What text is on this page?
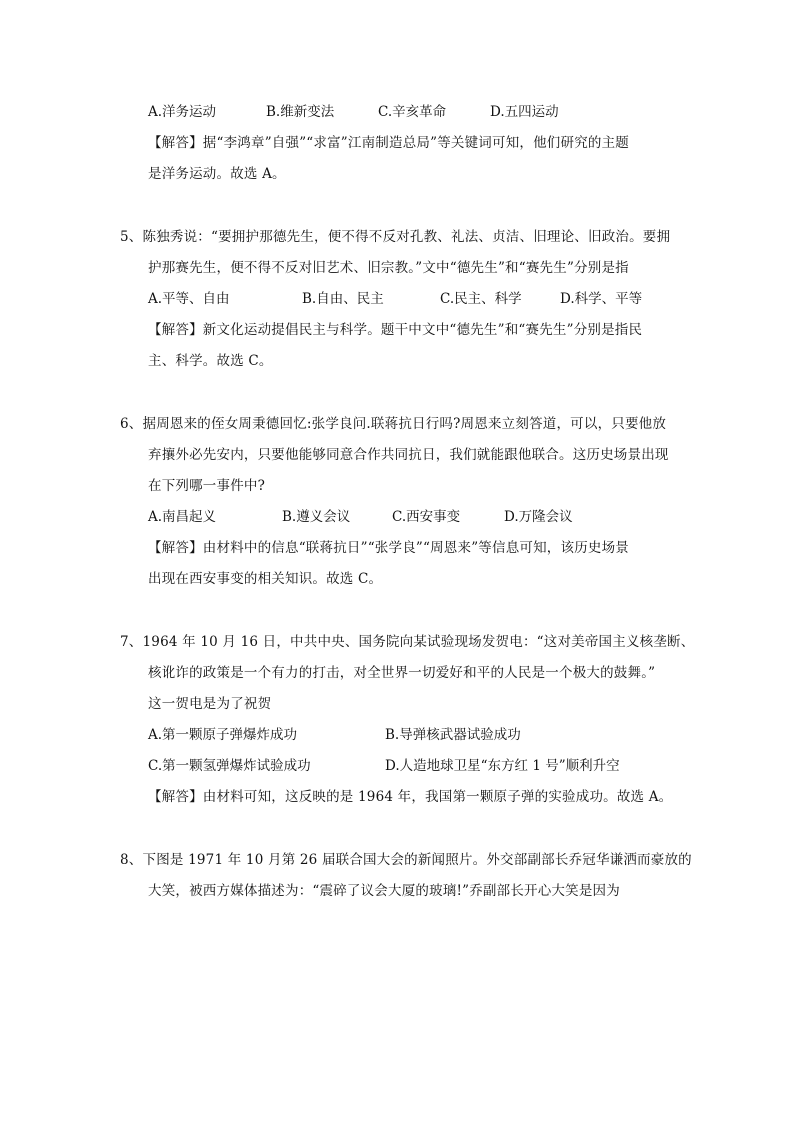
A.洋务运动	B.维新变法	C.辛亥革命	D.五四运动
【解答】据“李鸿章”自强”“求富”江南制造总局”等关键词可知，他们研究的主题
是洋务运动。故选 A。
5、陈独秀说：“要拥护那德先生，便不得不反对孔教、礼法、贞洁、旧理论、旧政治。要拥
护那赛先生，便不得不反对旧艺术、旧宗教。”文中“德先生”和“赛先生”分别是指
A.平等、自由	B.自由、民主	C.民主、科学	D.科学、平等
【解答】新文化运动提倡民主与科学。题干中文中“德先生”和“赛先生”分别是指民
主、科学。故选 C。
6、据周恩来的侄女周秉德回忆:张学良问.联蒋抗日行吗?周恩来立刻答道，可以，只要他放
弃攘外必先安内，只要他能够同意合作共同抗日，我们就能跟他联合。这历史场景出现
在下列哪一事件中?
A.南昌起义	B.遵义会议	C.西安事变	D.万隆会议
【解答】由材料中的信息“联蒋抗日”“张学良”“周恩来”等信息可知，该历史场景
出现在西安事变的相关知识。故选 C。
7、1964 年 10 月 16 日，中共中央、国务院向某试验现场发贺电：“这对美帝国主义核垄断、
核讹诈的政策是一个有力的打击，对全世界一切爱好和平的人民是一个极大的鼓舞。”
这一贺电是为了祝贺
A.第一颗原子弹爆炸成功	B.导弹核武器试验成功
C.第一颗氢弹爆炸试验成功	D.人造地球卫星“东方红 1 号”顺利升空
【解答】由材料可知，这反映的是 1964 年，我国第一颗原子弹的实验成功。故选 A。
8、下图是 1971 年 10 月第 26 届联合国大会的新闻照片。外交部副部长乔冠华谦洒而豪放的
大笑，被西方媒体描述为：“震碎了议会大厦的玻璃!”乔副部长开心大笑是因为
